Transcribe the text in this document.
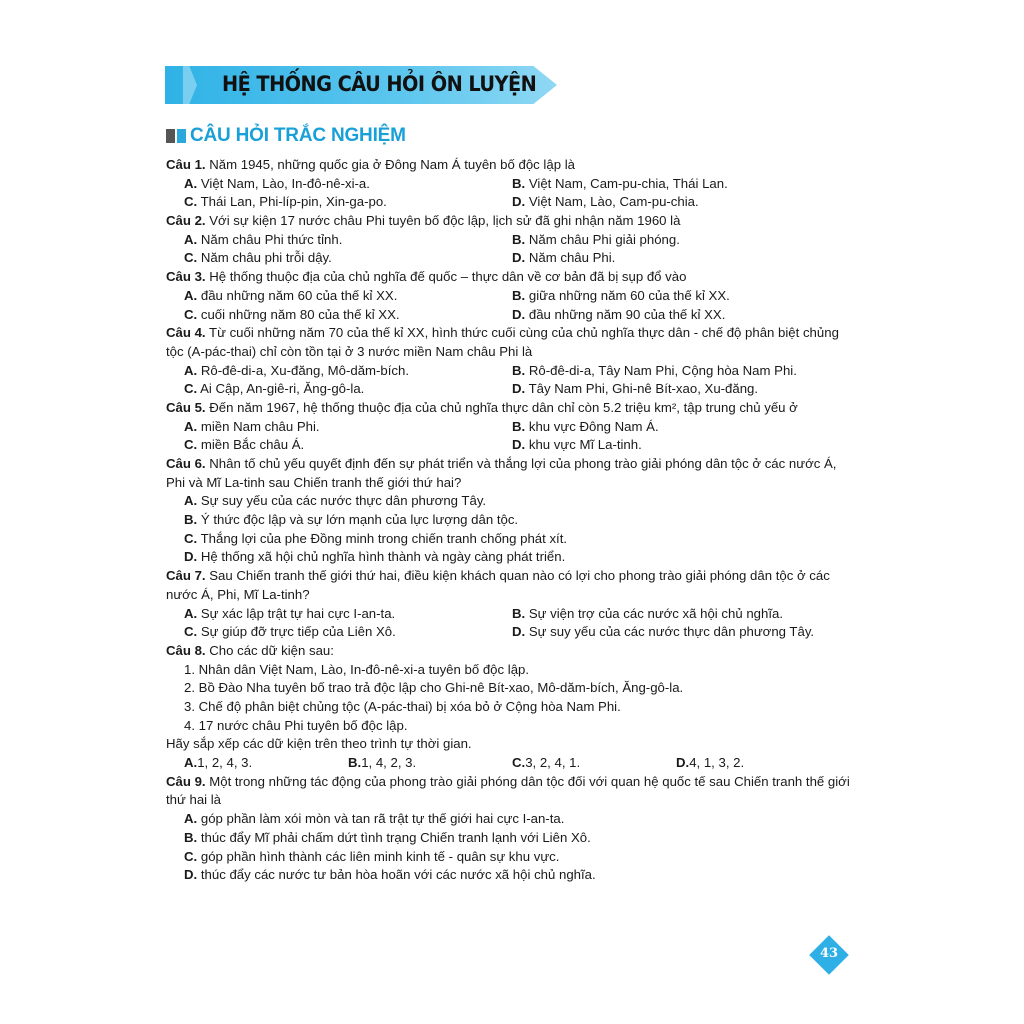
HỆ THỐNG CÂU HỎI ÔN LUYỆN
CÂU HỎI TRẮC NGHIỆM
Câu 1. Năm 1945, những quốc gia ở Đông Nam Á tuyên bố độc lập là
A. Việt Nam, Lào, In-đô-nê-xi-a.	B. Việt Nam, Cam-pu-chia, Thái Lan.
C. Thái Lan, Phi-líp-pin, Xin-ga-po.	D. Việt Nam, Lào, Cam-pu-chia.
Câu 2. Với sự kiện 17 nước châu Phi tuyên bố độc lập, lịch sử đã ghi nhận năm 1960 là
A. Năm châu Phi thức tỉnh.	B. Năm châu Phi giải phóng.
C. Năm châu phi trỗi dậy.	D. Năm châu Phi.
Câu 3. Hệ thống thuộc địa của chủ nghĩa đế quốc – thực dân về cơ bản đã bị sụp đổ vào
A. đầu những năm 60 của thế kỉ XX.	B. giữa những năm 60 của thế kỉ XX.
C. cuối những năm 80 của thế kỉ XX.	D. đầu những năm 90 của thế kỉ XX.
Câu 4. Từ cuối những năm 70 của thế kỉ XX, hình thức cuối cùng của chủ nghĩa thực dân - chế độ phân biệt chủng tộc (A-pác-thai) chỉ còn tồn tại ở 3 nước miền Nam châu Phi là
A. Rô-đê-di-a, Xu-đăng, Mô-dăm-bích.	B. Rô-đê-di-a, Tây Nam Phi, Cộng hòa Nam Phi.
C. Ai Cập, An-giê-ri, Ăng-gô-la.	D. Tây Nam Phi, Ghi-nê Bít-xao, Xu-đăng.
Câu 5. Đến năm 1967, hệ thống thuộc địa của chủ nghĩa thực dân chỉ còn 5.2 triệu km², tập trung chủ yếu ở
A. miền Nam châu Phi.	B. khu vực Đông Nam Á.
C. miền Bắc châu Á.	D. khu vực Mĩ La-tinh.
Câu 6. Nhân tố chủ yếu quyết định đến sự phát triển và thắng lợi của phong trào giải phóng dân tộc ở các nước Á, Phi và Mĩ La-tinh sau Chiến tranh thế giới thứ hai?
A. Sự suy yếu của các nước thực dân phương Tây.
B. Ý thức độc lập và sự lớn mạnh của lực lượng dân tộc.
C. Thắng lợi của phe Đồng minh trong chiến tranh chống phát xít.
D. Hệ thống xã hội chủ nghĩa hình thành và ngày càng phát triển.
Câu 7. Sau Chiến tranh thế giới thứ hai, điều kiện khách quan nào có lợi cho phong trào giải phóng dân tộc ở các nước Á, Phi, Mĩ La-tinh?
A. Sự xác lập trật tự hai cực I-an-ta.	B. Sự viện trợ của các nước xã hội chủ nghĩa.
C. Sự giúp đỡ trực tiếp của Liên Xô.	D. Sự suy yếu của các nước thực dân phương Tây.
Câu 8. Cho các dữ kiện sau:
1. Nhân dân Việt Nam, Lào, In-đô-nê-xi-a tuyên bố độc lập.
2. Bồ Đào Nha tuyên bố trao trả độc lập cho Ghi-nê Bít-xao, Mô-dăm-bích, Ăng-gô-la.
3. Chế độ phân biệt chủng tộc (A-pác-thai) bị xóa bỏ ở Cộng hòa Nam Phi.
4. 17 nước châu Phi tuyên bố độc lập.
Hãy sắp xếp các dữ kiện trên theo trình tự thời gian.
A. 1, 2, 4, 3.	B. 1, 4, 2, 3.	C. 3, 2, 4, 1.	D. 4, 1, 3, 2.
Câu 9. Một trong những tác động của phong trào giải phóng dân tộc đối với quan hệ quốc tế sau Chiến tranh thế giới thứ hai là
A. góp phần làm xói mòn và tan rã trật tự thế giới hai cực I-an-ta.
B. thúc đẩy Mĩ phải chấm dứt tình trạng Chiến tranh lạnh với Liên Xô.
C. góp phần hình thành các liên minh kinh tế - quân sự khu vực.
D. thúc đẩy các nước tư bản hòa hoãn với các nước xã hội chủ nghĩa.
43
